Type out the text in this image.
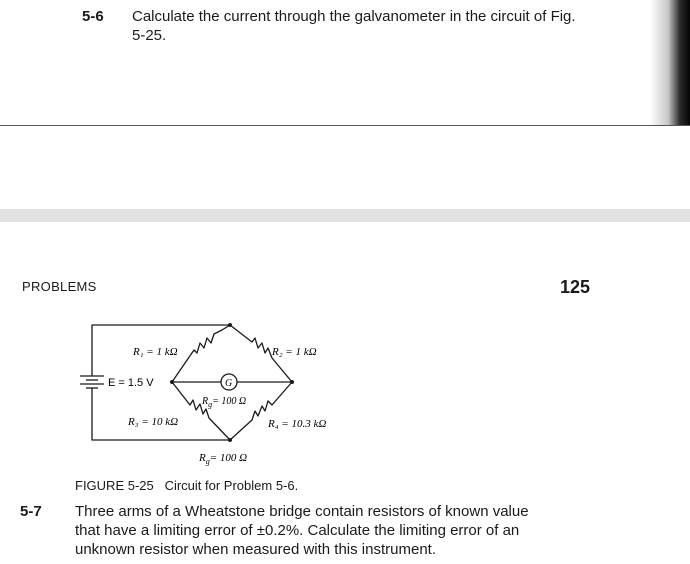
5-6 Calculate the current through the galvanometer in the circuit of Fig.
5-25.
PROBLEMS	125
R₁ = 1 kΩ	R₂ = 1 kΩ
R₃ = 10 kΩ	R₄ = 10.3 kΩ
E = 1.5 V	G
$R_g= 100$ Ω
$R_g= 100$ Ω
FIGURE 5-25   Circuit for Problem 5-6.
5-7 Three arms of a Wheatstone bridge contain resistors of known value
that have a limiting error of ±0.2%. Calculate the limiting error of an
unknown resistor when measured with this instrument.
